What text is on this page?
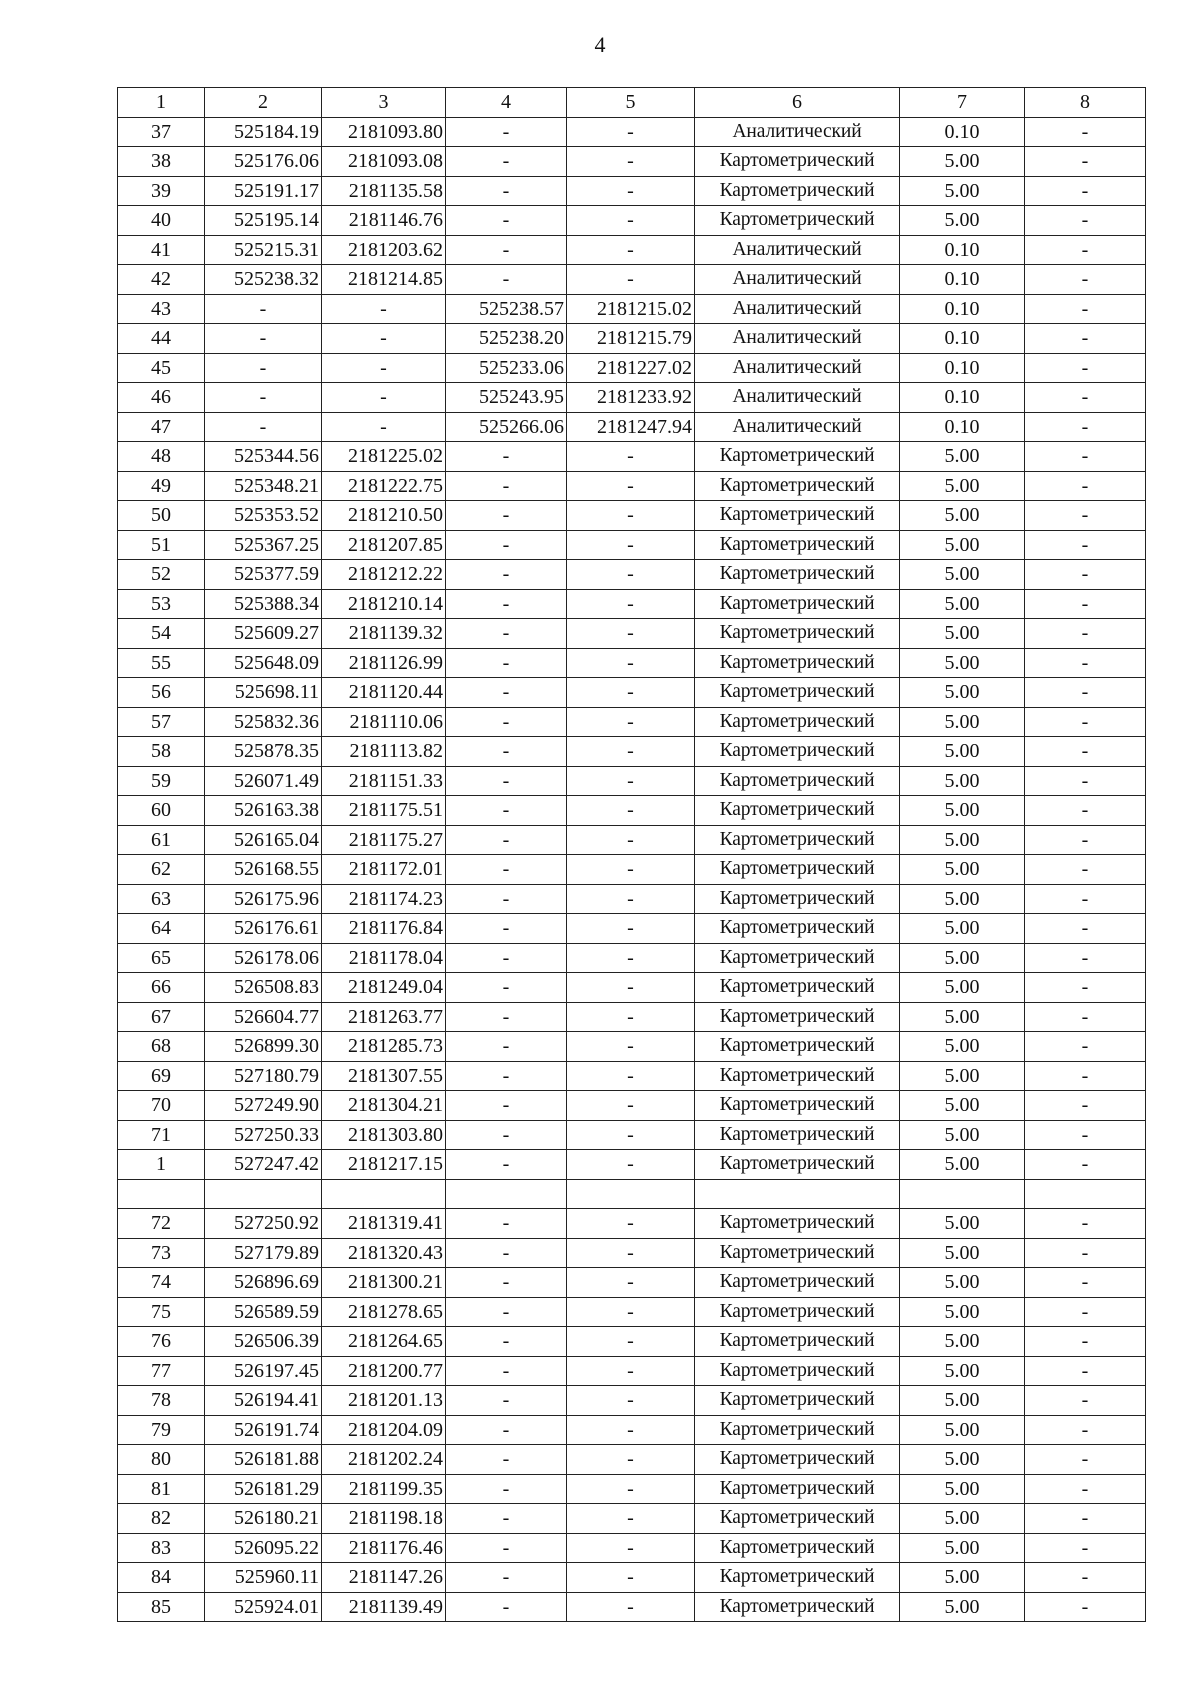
4
1	2	3	4	5	6	7	8
37	525184.19	2181093.80	-	-	Аналитический	0.10	-
38	525176.06	2181093.08	-	-	Картометрический	5.00	-
39	525191.17	2181135.58	-	-	Картометрический	5.00	-
40	525195.14	2181146.76	-	-	Картометрический	5.00	-
41	525215.31	2181203.62	-	-	Аналитический	0.10	-
42	525238.32	2181214.85	-	-	Аналитический	0.10	-
43	-	-	525238.57	2181215.02	Аналитический	0.10	-
44	-	-	525238.20	2181215.79	Аналитический	0.10	-
45	-	-	525233.06	2181227.02	Аналитический	0.10	-
46	-	-	525243.95	2181233.92	Аналитический	0.10	-
47	-	-	525266.06	2181247.94	Аналитический	0.10	-
48	525344.56	2181225.02	-	-	Картометрический	5.00	-
49	525348.21	2181222.75	-	-	Картометрический	5.00	-
50	525353.52	2181210.50	-	-	Картометрический	5.00	-
51	525367.25	2181207.85	-	-	Картометрический	5.00	-
52	525377.59	2181212.22	-	-	Картометрический	5.00	-
53	525388.34	2181210.14	-	-	Картометрический	5.00	-
54	525609.27	2181139.32	-	-	Картометрический	5.00	-
55	525648.09	2181126.99	-	-	Картометрический	5.00	-
56	525698.11	2181120.44	-	-	Картометрический	5.00	-
57	525832.36	2181110.06	-	-	Картометрический	5.00	-
58	525878.35	2181113.82	-	-	Картометрический	5.00	-
59	526071.49	2181151.33	-	-	Картометрический	5.00	-
60	526163.38	2181175.51	-	-	Картометрический	5.00	-
61	526165.04	2181175.27	-	-	Картометрический	5.00	-
62	526168.55	2181172.01	-	-	Картометрический	5.00	-
63	526175.96	2181174.23	-	-	Картометрический	5.00	-
64	526176.61	2181176.84	-	-	Картометрический	5.00	-
65	526178.06	2181178.04	-	-	Картометрический	5.00	-
66	526508.83	2181249.04	-	-	Картометрический	5.00	-
67	526604.77	2181263.77	-	-	Картометрический	5.00	-
68	526899.30	2181285.73	-	-	Картометрический	5.00	-
69	527180.79	2181307.55	-	-	Картометрический	5.00	-
70	527249.90	2181304.21	-	-	Картометрический	5.00	-
71	527250.33	2181303.80	-	-	Картометрический	5.00	-
1	527247.42	2181217.15	-	-	Картометрический	5.00	-

72	527250.92	2181319.41	-	-	Картометрический	5.00	-
73	527179.89	2181320.43	-	-	Картометрический	5.00	-
74	526896.69	2181300.21	-	-	Картометрический	5.00	-
75	526589.59	2181278.65	-	-	Картометрический	5.00	-
76	526506.39	2181264.65	-	-	Картометрический	5.00	-
77	526197.45	2181200.77	-	-	Картометрический	5.00	-
78	526194.41	2181201.13	-	-	Картометрический	5.00	-
79	526191.74	2181204.09	-	-	Картометрический	5.00	-
80	526181.88	2181202.24	-	-	Картометрический	5.00	-
81	526181.29	2181199.35	-	-	Картометрический	5.00	-
82	526180.21	2181198.18	-	-	Картометрический	5.00	-
83	526095.22	2181176.46	-	-	Картометрический	5.00	-
84	525960.11	2181147.26	-	-	Картометрический	5.00	-
85	525924.01	2181139.49	-	-	Картометрический	5.00	-
